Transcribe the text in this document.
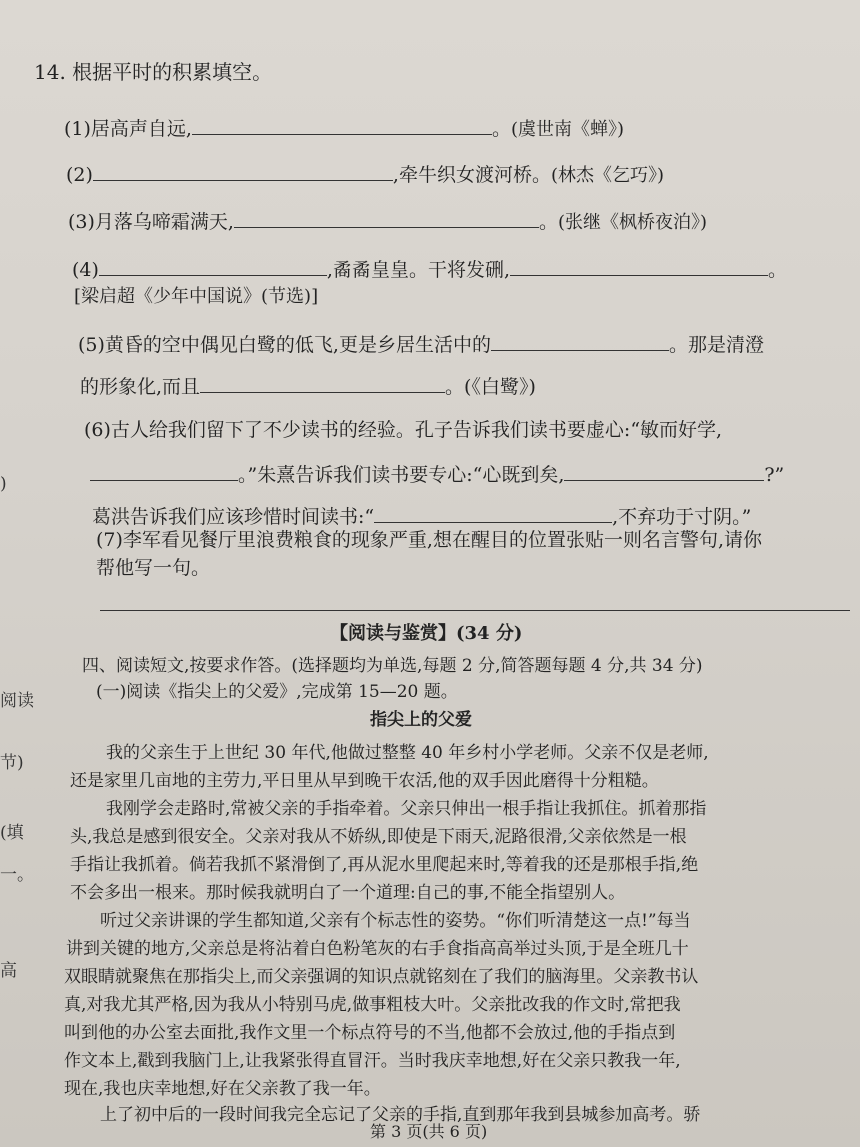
14. 根据平时的积累填空。
(1)居高声自远,	。(虞世南《蝉》)
(2)	,牵牛织女渡河桥。(林杰《乞巧》)
(3)月落乌啼霜满天,	。(张继《枫桥夜泊》)
(4)	,矞矞皇皇。干将发硎,	。
[梁启超《少年中国说》(节选)]
(5)黄昏的空中偶见白鹭的低飞,更是乡居生活中的	。那是清澄
的形象化,而且	。(《白鹭》)
(6)古人给我们留下了不少读书的经验。孔子告诉我们读书要虚心:“敏而好学,
。”朱熹告诉我们读书要专心:“心既到矣,	?”
葛洪告诉我们应该珍惜时间读书:“	,不弃功于寸阴。”
(7)李军看见餐厅里浪费粮食的现象严重,想在醒目的位置张贴一则名言警句,请你
帮他写一句。
【阅读与鉴赏】(34 分)
四、阅读短文,按要求作答。(选择题均为单选,每题 2 分,简答题每题 4 分,共 34 分)
(一)阅读《指尖上的父爱》,完成第 15—20 题。
指尖上的父爱
我的父亲生于上世纪 30 年代,他做过整整 40 年乡村小学老师。父亲不仅是老师,
还是家里几亩地的主劳力,平日里从早到晚干农活,他的双手因此磨得十分粗糙。
我刚学会走路时,常被父亲的手指牵着。父亲只伸出一根手指让我抓住。抓着那指
头,我总是感到很安全。父亲对我从不娇纵,即使是下雨天,泥路很滑,父亲依然是一根
手指让我抓着。倘若我抓不紧滑倒了,再从泥水里爬起来时,等着我的还是那根手指,绝
不会多出一根来。那时候我就明白了一个道理:自己的事,不能全指望别人。
听过父亲讲课的学生都知道,父亲有个标志性的姿势。“你们听清楚这一点!”每当
讲到关键的地方,父亲总是将沾着白色粉笔灰的右手食指高高举过头顶,于是全班几十
双眼睛就聚焦在那指尖上,而父亲强调的知识点就铭刻在了我们的脑海里。父亲教书认
真,对我尤其严格,因为我从小特别马虎,做事粗枝大叶。父亲批改我的作文时,常把我
叫到他的办公室去面批,我作文里一个标点符号的不当,他都不会放过,他的手指点到
作文本上,戳到我脑门上,让我紧张得直冒汗。当时我庆幸地想,好在父亲只教我一年,
现在,我也庆幸地想,好在父亲教了我一年。
上了初中后的一段时间我完全忘记了父亲的手指,直到那年我到县城参加高考。骄
第 3 页(共 6 页)
)
阅读
节)
(填
一。
高
